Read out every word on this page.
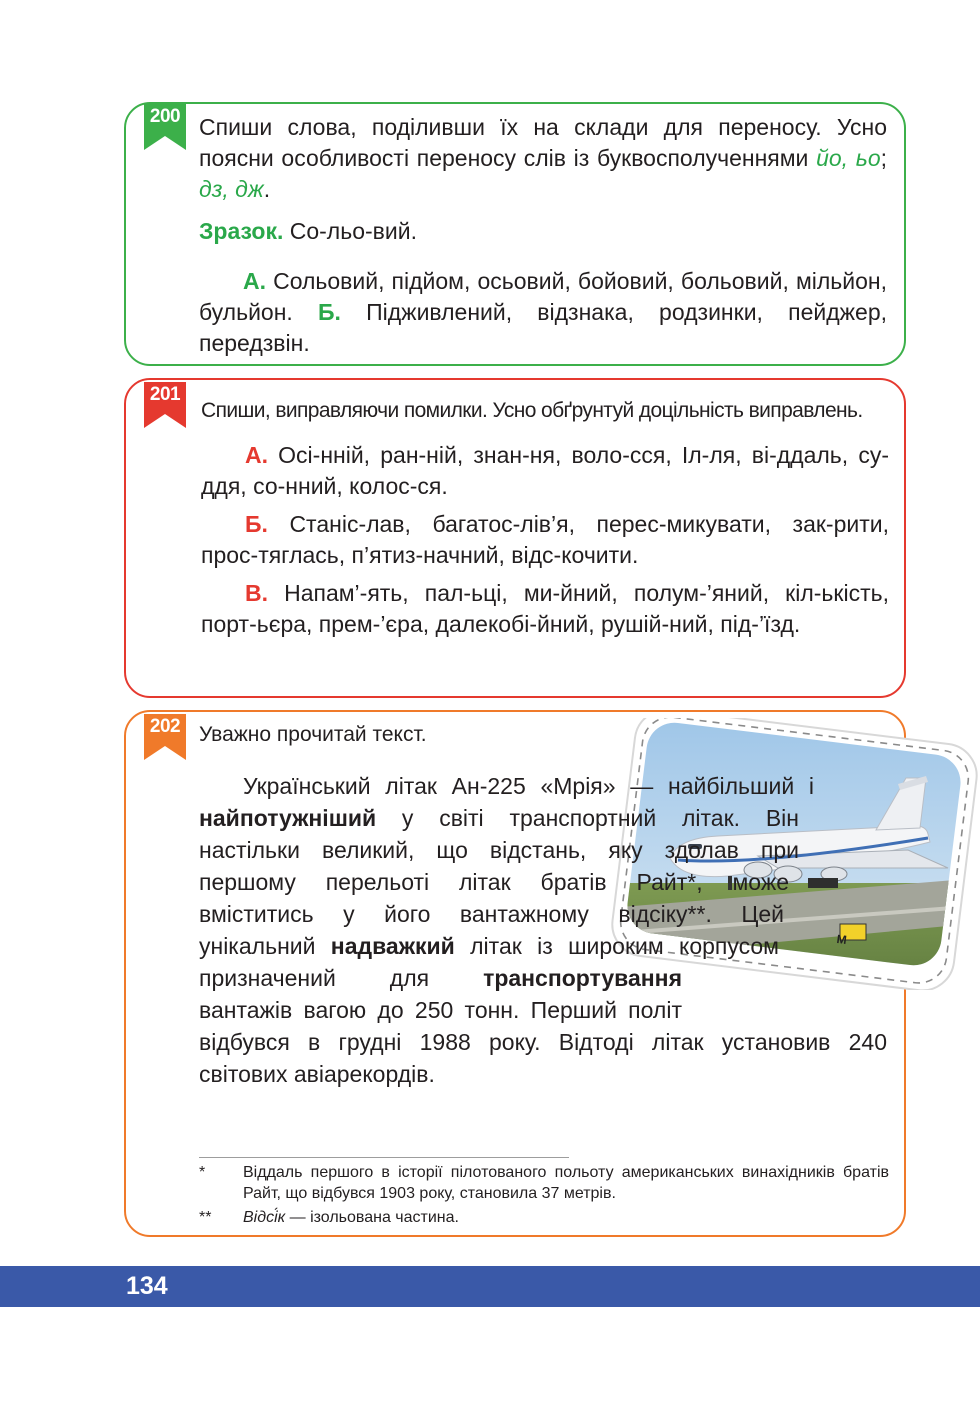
200 Спиши слова, поділивши їх на склади для переносу. Усно поясни особливості переносу слів із буквосполученнями йо, ьо; дз, дж.

Зразок. Со-льо-вий.

А. Сольовий, підйом, осьовий, бойовий, больовий, мільйон, бульйон. Б. Підживлений, відзнака, родзинки, пейджер, передзвін.

201

Спиши, виправляючи помилки. Усно обґрунтуй доцільність виправлень.

А. Осі-нній, ран-ній, знан-ня, воло-сся, Іл-ля, ві-ддаль, су-ддя, со-нний, колос-ся.

Б. Станіс-лав, багатос-лів’я, перес-микувати, зак-рити, прос-тяглась, п’ятиз-начний, відс-кочити.

В. Напам’-ять, пал-ьці, ми-йний, полум-’яний, кіл-ькість, порт-ьєра, прем-’єра, далекобі-йний, рушій-ний, під-’їзд.

202
M

Уважно прочитай текст.

Український літак Ан-225 «Мрія» — найбільший і найпотужніший у світі транспортний літак. Він настільки великий, що відстань, яку здолав при першому перельоті літак братів Райт*, може вміститись у його вантажному відсіку**. Цей унікальний надважкий літак із широким корпусом призначений для транспортування вантажів вагою до 250 тонн. Перший політ відбувся в грудні 1988 року. Відтоді літак установив 240 світових авіарекордів.

* Віддаль першого в історії пілотованого польоту американських винахідників братів Райт, що відбувся 1903 року, становила 37 метрів.
** Відсі́к — ізольована частина.
134
